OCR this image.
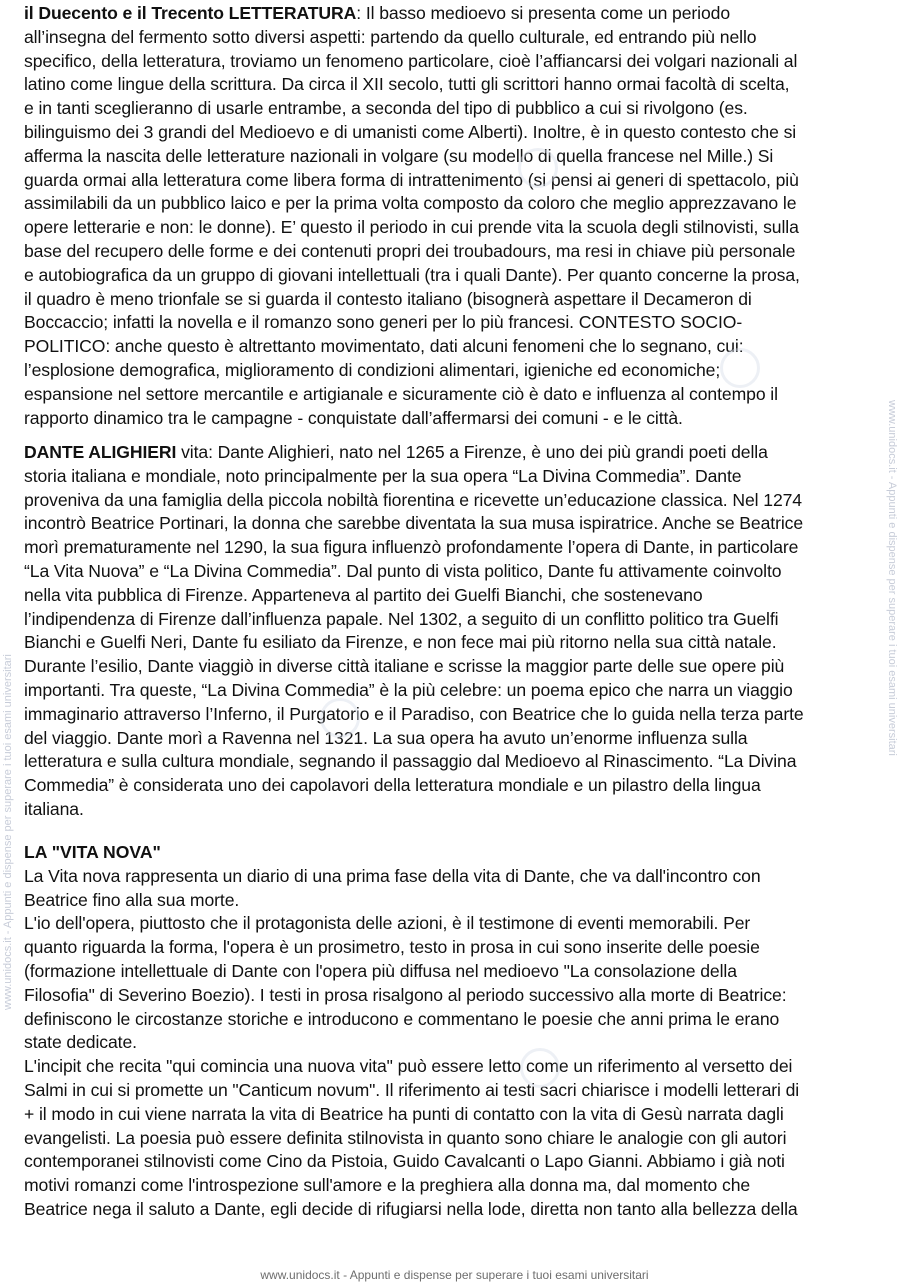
il Duecento e il Trecento LETTERATURA: Il basso medioevo si presenta come un periodo
all’insegna del fermento sotto diversi aspetti: partendo da quello culturale, ed entrando più nello
specifico, della letteratura, troviamo un fenomeno particolare, cioè l’affiancarsi dei volgari nazionali al
latino come lingue della scrittura. Da circa il XII secolo, tutti gli scrittori hanno ormai facoltà di scelta,
e in tanti sceglieranno di usarle entrambe, a seconda del tipo di pubblico a cui si rivolgono (es.
bilinguismo dei 3 grandi del Medioevo e di umanisti come Alberti). Inoltre, è in questo contesto che si
afferma la nascita delle letterature nazionali in volgare (su modello di quella francese nel Mille.) Si
guarda ormai alla letteratura come libera forma di intrattenimento (si pensi ai generi di spettacolo, più
assimilabili da un pubblico laico e per la prima volta composto da coloro che meglio apprezzavano le
opere letterarie e non: le donne). E’ questo il periodo in cui prende vita la scuola degli stilnovisti, sulla
base del recupero delle forme e dei contenuti propri dei troubadours, ma resi in chiave più personale
e autobiografica da un gruppo di giovani intellettuali (tra i quali Dante). Per quanto concerne la prosa,
il quadro è meno trionfale se si guarda il contesto italiano (bisognerà aspettare il Decameron di
Boccaccio; infatti la novella e il romanzo sono generi per lo più francesi. CONTESTO SOCIO-
POLITICO: anche questo è altrettanto movimentato, dati alcuni fenomeni che lo segnano, cui:
l’esplosione demografica, miglioramento di condizioni alimentari, igieniche ed economiche;
espansione nel settore mercantile e artigianale e sicuramente ciò è dato e influenza al contempo il
rapporto dinamico tra le campagne - conquistate dall’affermarsi dei comuni - e le città.
DANTE ALIGHIERI vita: Dante Alighieri, nato nel 1265 a Firenze, è uno dei più grandi poeti della
storia italiana e mondiale, noto principalmente per la sua opera “La Divina Commedia”. Dante
proveniva da una famiglia della piccola nobiltà fiorentina e ricevette un’educazione classica. Nel 1274
incontrò Beatrice Portinari, la donna che sarebbe diventata la sua musa ispiratrice. Anche se Beatrice
morì prematuramente nel 1290, la sua figura influenzò profondamente l’opera di Dante, in particolare
“La Vita Nuova” e “La Divina Commedia”. Dal punto di vista politico, Dante fu attivamente coinvolto
nella vita pubblica di Firenze. Apparteneva al partito dei Guelfi Bianchi, che sostenevano
l’indipendenza di Firenze dall’influenza papale. Nel 1302, a seguito di un conflitto politico tra Guelfi
Bianchi e Guelfi Neri, Dante fu esiliato da Firenze, e non fece mai più ritorno nella sua città natale.
Durante l’esilio, Dante viaggiò in diverse città italiane e scrisse la maggior parte delle sue opere più
importanti. Tra queste, “La Divina Commedia” è la più celebre: un poema epico che narra un viaggio
immaginario attraverso l’Inferno, il Purgatorio e il Paradiso, con Beatrice che lo guida nella terza parte
del viaggio. Dante morì a Ravenna nel 1321. La sua opera ha avuto un’enorme influenza sulla
letteratura e sulla cultura mondiale, segnando il passaggio dal Medioevo al Rinascimento. “La Divina
Commedia” è considerata uno dei capolavori della letteratura mondiale e un pilastro della lingua
italiana.

LA "VITA NOVA"

La Vita nova rappresenta un diario di una prima fase della vita di Dante, che va dall'incontro con
Beatrice fino alla sua morte.
L'io dell'opera, piuttosto che il protagonista delle azioni, è il testimone di eventi memorabili. Per
quanto riguarda la forma, l'opera è un prosimetro, testo in prosa in cui sono inserite delle poesie
(formazione intellettuale di Dante con l'opera più diffusa nel medioevo "La consolazione della
Filosofia" di Severino Boezio). I testi in prosa risalgono al periodo successivo alla morte di Beatrice:
definiscono le circostanze storiche e introducono e commentano le poesie che anni prima le erano
state dedicate.
L'incipit che recita "qui comincia una nuova vita" può essere letto come un riferimento al versetto dei
Salmi in cui si promette un "Canticum novum". Il riferimento ai testi sacri chiarisce i modelli letterari di
+ il modo in cui viene narrata la vita di Beatrice ha punti di contatto con la vita di Gesù narrata dagli
evangelisti. La poesia può essere definita stilnovista in quanto sono chiare le analogie con gli autori
contemporanei stilnovisti come Cino da Pistoia, Guido Cavalcanti o Lapo Gianni. Abbiamo i già noti
motivi romanzi come l'introspezione sull'amore e la preghiera alla donna ma, dal momento che
Beatrice nega il saluto a Dante, egli decide di rifugiarsi nella lode, diretta non tanto alla bellezza della
www.unidocs.it - Appunti e dispense per superare i tuoi esami universitari
www.unidocs.it - Appunti e dispense per superare i tuoi esami universitari
www.unidocs.it - Appunti e dispense per superare i tuoi esami universitari
